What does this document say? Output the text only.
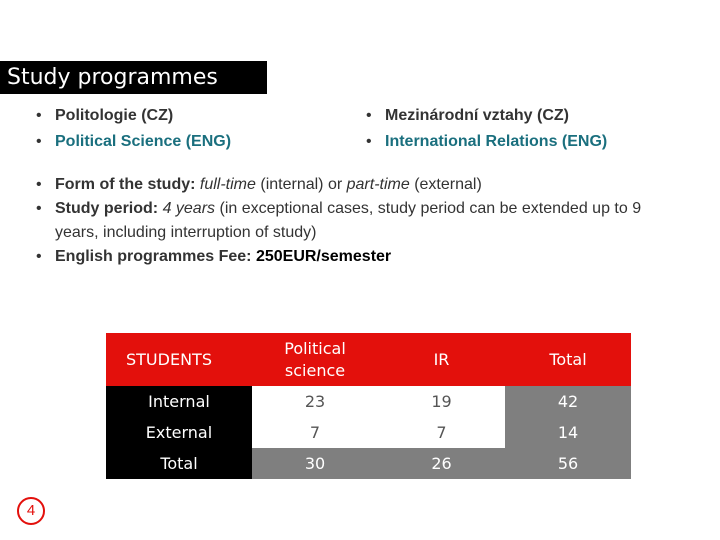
Study programmes
• Politologie (CZ)
• Political Science (ENG)
• Mezinárodní vztahy (CZ)
• International Relations (ENG)
• Form of the study: full-time (internal) or part-time (external)
• Study period: 4 years (in exceptional cases, study period can be extended up to 9 years, including interruption of study)
• English programmes Fee: 250EUR/semester
STUDENTS	Political science	IR	Total
Internal	23	19	42
External	7	7	14
Total	30	26	56
4
